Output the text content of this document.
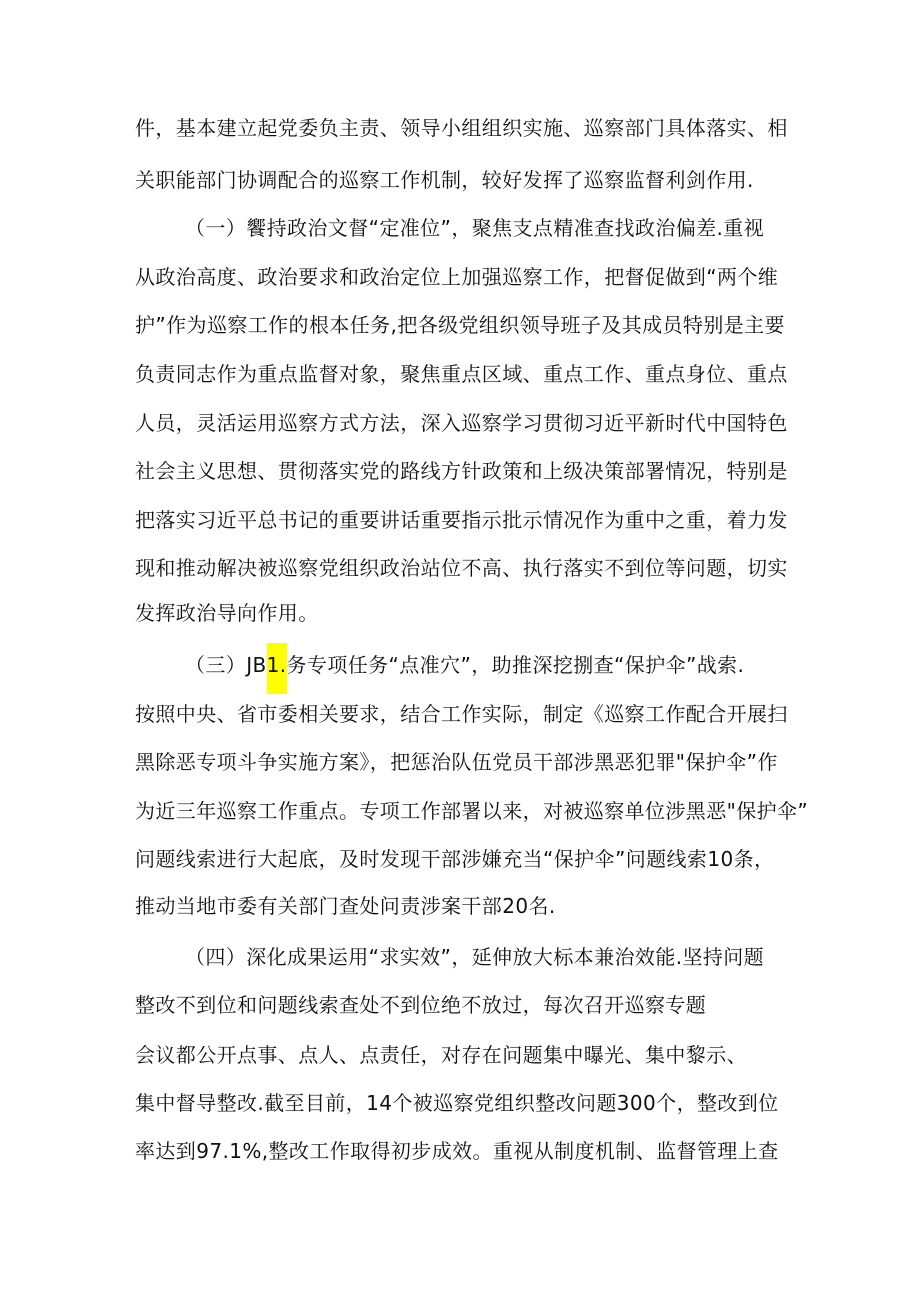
件，基本建立起党委负主责、领导小组组织实施、巡察部门具体落实、相
关职能部门协调配合的巡察工作机制，较好发挥了巡察监督利剑作用.
（一）饗持政治文督“定准位”，聚焦支点精准查找政治偏差.重视
从政治高度、政治要求和政治定位上加强巡察工作，把督促做到“两个维
护”作为巡察工作的根本任务,把各级党组织领导班子及其成员特别是主要
负责同志作为重点监督对象，聚焦重点区域、重点工作、重点身位、重点
人员，灵活运用巡察方式方法，深入巡察学习贯彻习近平新时代中国特色
社会主义思想、贯彻落实党的路线方针政策和上级决策部署情况，特别是
把落实习近平总书记的重要讲话重要指示批示情况作为重中之重，着力发
现和推动解决被巡察党组织政治站位不高、执行落实不到位等问题，切实
发挥政治导向作用。
（三）JB1.务专项任务“点准穴”，助推深挖捌查“保护伞”战索.
按照中央、省市委相关要求，结合工作实际，制定《巡察工作配合开展扫
黑除恶专项斗争实施方案》，把惩治队伍党员干部涉黑恶犯罪"保护伞”作
为近三年巡察工作重点。专项工作部署以来，对被巡察单位涉黑恶"保护伞”
问题线索进行大起底，及时发现干部涉嫌充当“保护伞”问题线索10条，
推动当地市委有关部门查处问责涉案干部20名.
（四）深化成果运用“求实效”，延伸放大标本兼治效能.坚持问题
整改不到位和问题线索查处不到位绝不放过，每次召开巡察专题
会议都公开点事、点人、点责任，对存在问题集中曝光、集中黎示、
集中督导整改.截至目前，14个被巡察党组织整改问题300个，整改到位
率达到97.1%,整改工作取得初步成效。重视从制度机制、监督管理上查
